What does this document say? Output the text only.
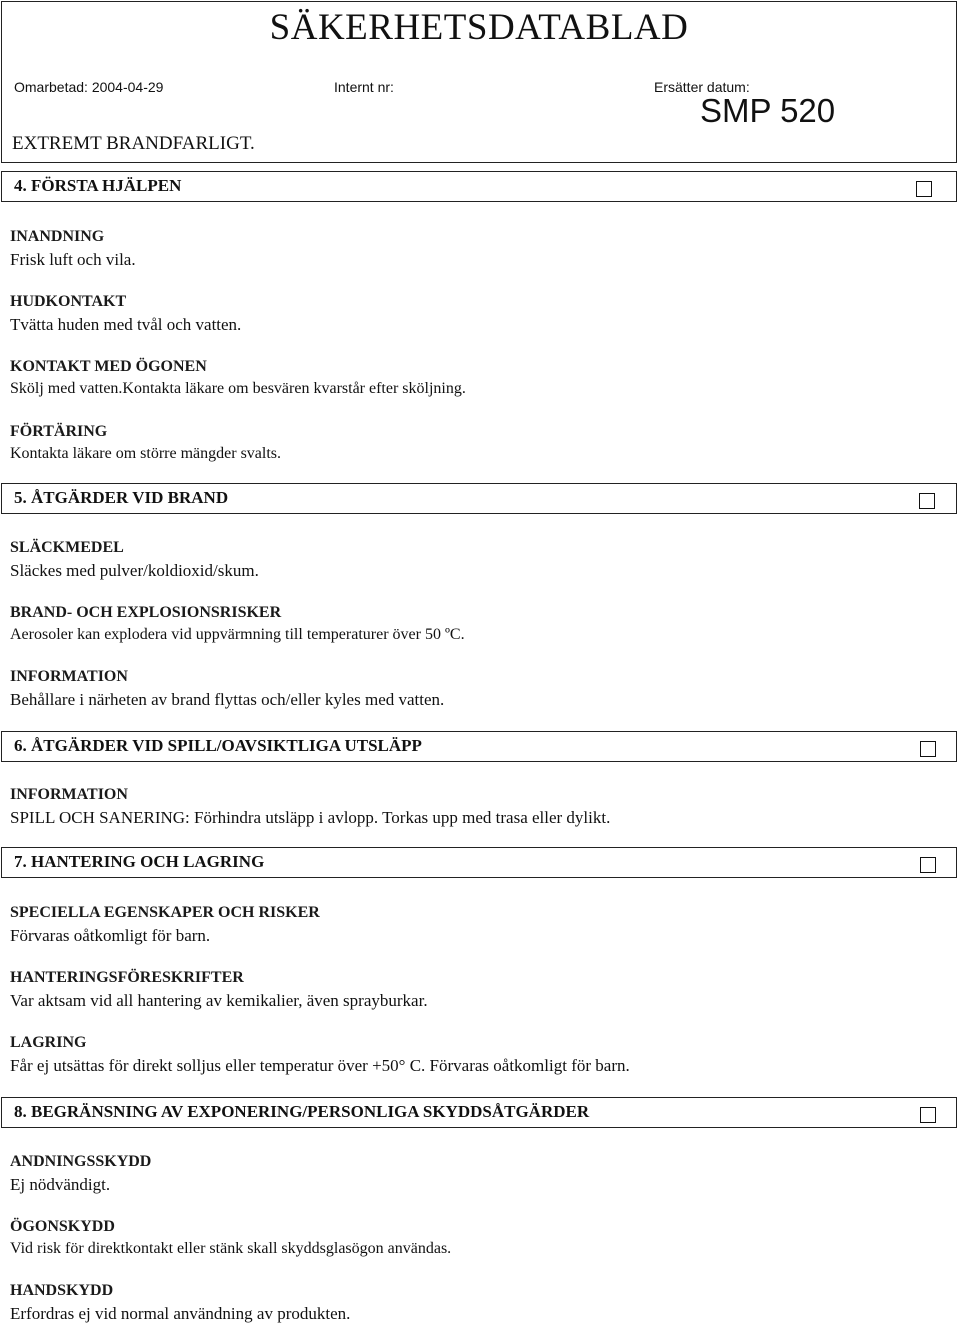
SÄKERHETSDATABLAD
Omarbetad: 2004-04-29	Internt nr:	Ersätter datum:
SMP 520
EXTREMT BRANDFARLIGT.
4. FÖRSTA HJÄLPEN
INANDNING
Frisk luft och vila.
HUDKONTAKT
Tvätta huden med tvål och vatten.
KONTAKT MED ÖGONEN
Skölj med vatten.Kontakta läkare om besvären kvarstår efter sköljning.
FÖRTÄRING
Kontakta läkare om större mängder svalts.
5. ÅTGÄRDER VID BRAND
SLÄCKMEDEL
Släckes med pulver/koldioxid/skum.
BRAND- OCH EXPLOSIONSRISKER
Aerosoler kan explodera vid uppvärmning till temperaturer över 50 ºC.
INFORMATION
Behållare i närheten av brand flyttas och/eller kyles med vatten.
6. ÅTGÄRDER VID SPILL/OAVSIKTLIGA UTSLÄPP
INFORMATION
SPILL OCH SANERING: Förhindra utsläpp i avlopp. Torkas upp med trasa eller dylikt.
7. HANTERING OCH LAGRING
SPECIELLA EGENSKAPER OCH RISKER
Förvaras oåtkomligt för barn.
HANTERINGSFÖRESKRIFTER
Var aktsam vid all hantering av kemikalier, även sprayburkar.
LAGRING
Får ej utsättas för direkt solljus eller temperatur över +50° C. Förvaras oåtkomligt för barn.
8. BEGRÄNSNING AV EXPONERING/PERSONLIGA SKYDDSÅTGÄRDER
ANDNINGSSKYDD
Ej nödvändigt.
ÖGONSKYDD
Vid risk för direktkontakt eller stänk skall skyddsglasögon användas.
HANDSKYDD
Erfordras ej vid normal användning av produkten.
